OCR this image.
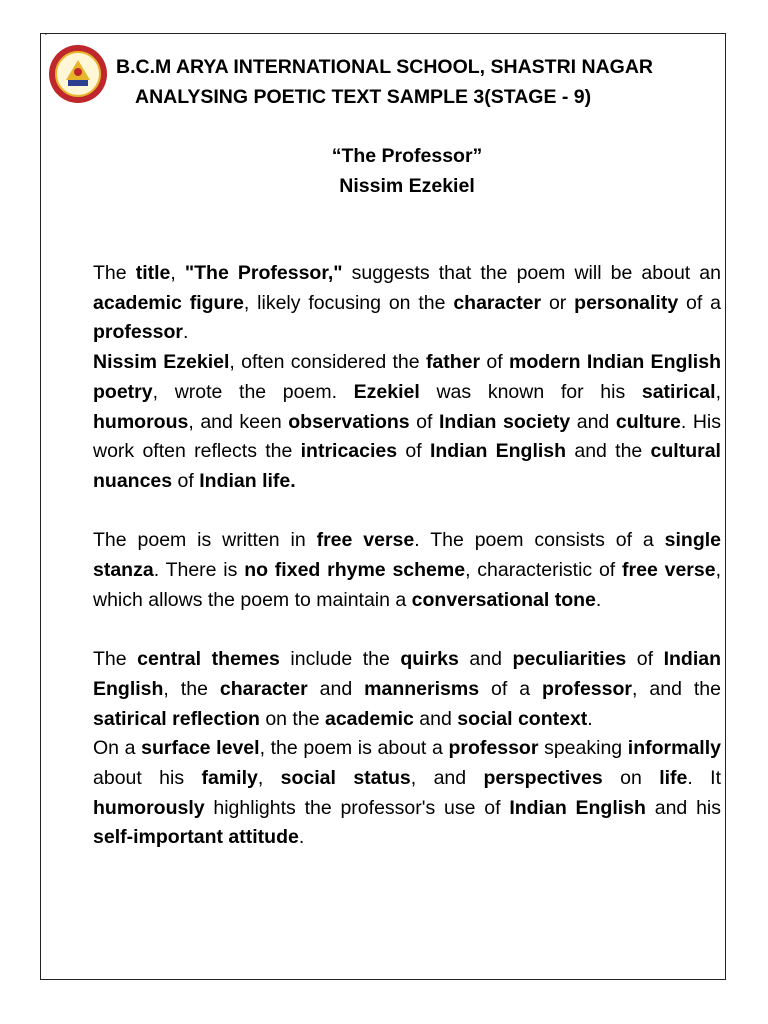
`
B.C.M ARYA INTERNATIONAL SCHOOL, SHASTRI NAGAR
ANALYSING POETIC TEXT SAMPLE 3(STAGE - 9)
“The Professor”
Nissim Ezekiel

The title, "The Professor," suggests that the poem will be about an academic figure, likely focusing on the character or personality of a professor.

Nissim Ezekiel, often considered the father of modern Indian English poetry, wrote the poem. Ezekiel was known for his satirical, humorous, and keen observations of Indian society and culture. His work often reflects the intricacies of Indian English and the cultural nuances of Indian life.

The poem is written in free verse. The poem consists of a single stanza. There is no fixed rhyme scheme, characteristic of free verse, which allows the poem to maintain a conversational tone.

The central themes include the quirks and peculiarities of Indian English, the character and mannerisms of a professor, and the satirical reflection on the academic and social context.

On a surface level, the poem is about a professor speaking informally about his family, social status, and perspectives on life. It humorously highlights the professor's use of Indian English and his self-important attitude.
